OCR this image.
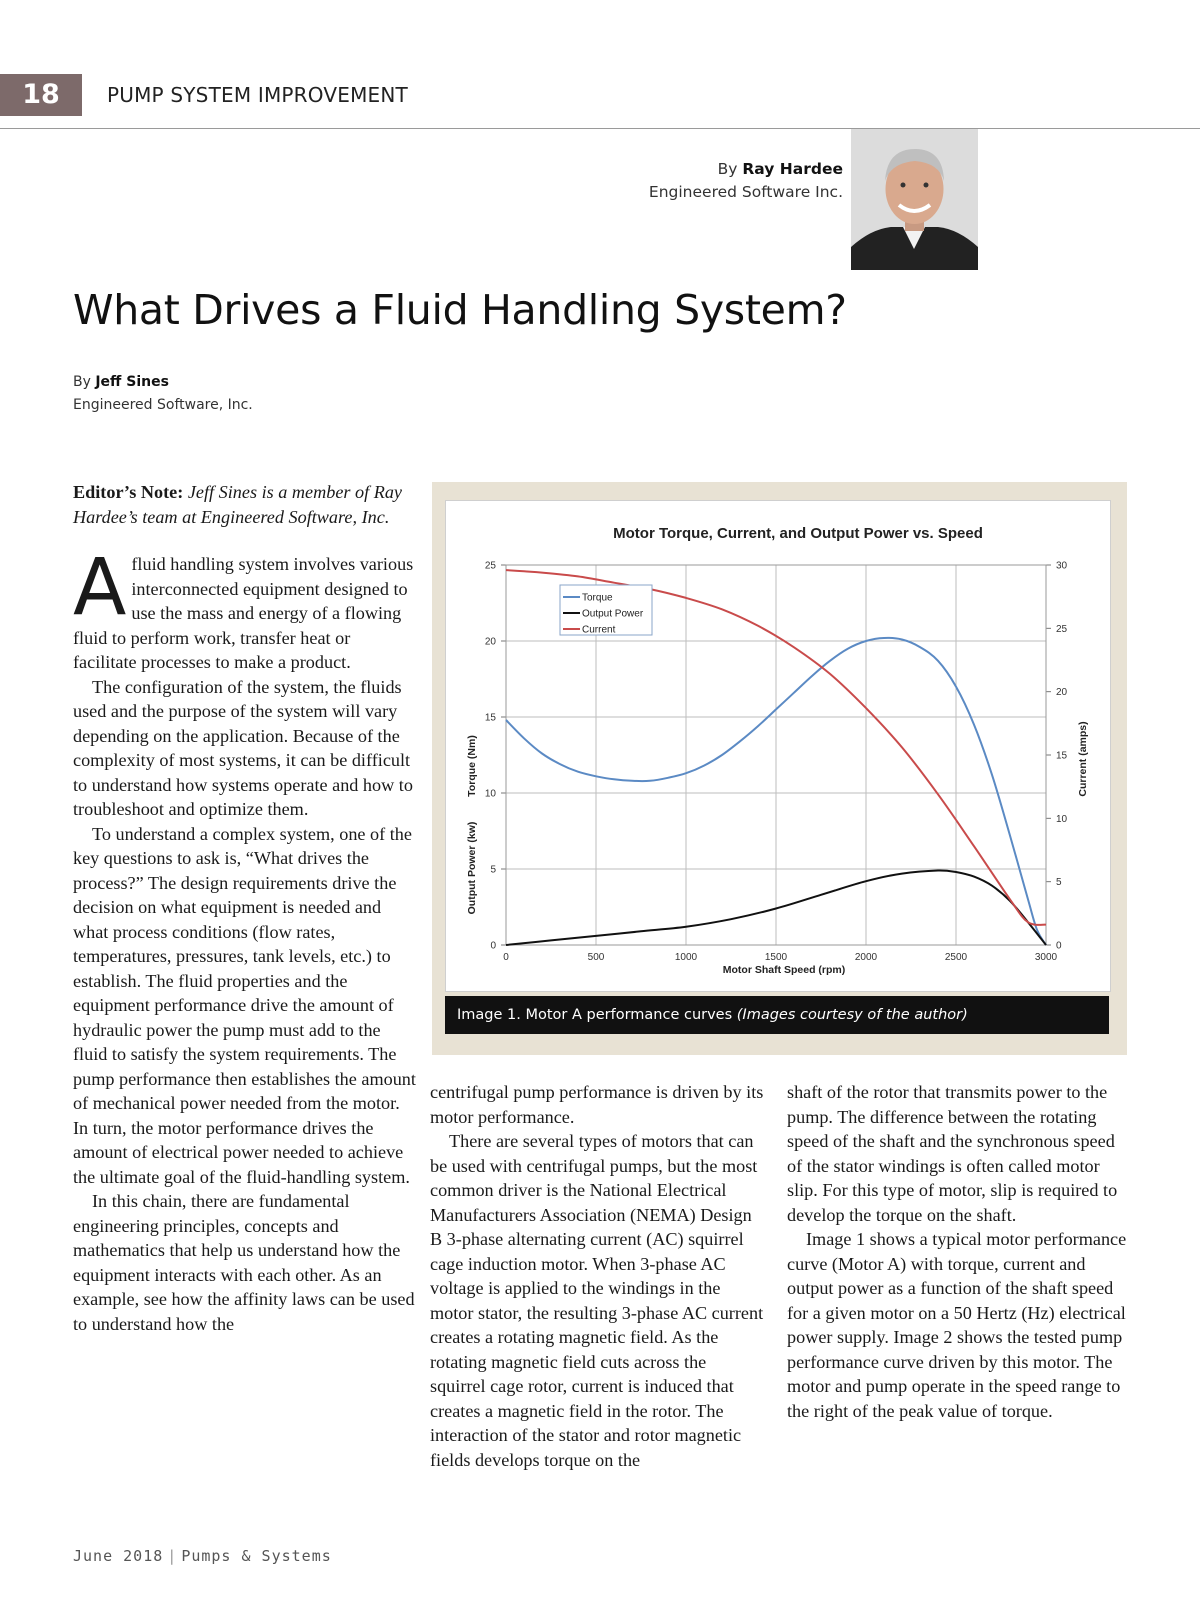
18	PUMP SYSTEM IMPROVEMENT
By Ray Hardee
Engineered Software Inc.
What Drives a Fluid Handling System?
By Jeff Sines
Engineered Software, Inc.

Editor’s Note: Jeff Sines is a member of Ray Hardee’s team at Engineered Software, Inc.

Afluid handling system involves various interconnected equipment designed to use the mass and energy of a flowing fluid to perform work, transfer heat or facilitate processes to make a product.

The configuration of the system, the fluids used and the purpose of the system will vary depending on the application. Because of the complexity of most systems, it can be difficult to understand how systems operate and how to troubleshoot and optimize them.

To understand a complex system, one of the key questions to ask is, “What drives the process?” The design requirements drive the decision on what equipment is needed and what process conditions (flow rates, temperatures, pressures, tank levels, etc.) to establish. The fluid properties and the equipment performance drive the amount of hydraulic power the pump must add to the fluid to satisfy the system requirements. The pump performance then establishes the amount of mechanical power needed from the motor. In turn, the motor performance drives the amount of electrical power needed to achieve the ultimate goal of the fluid-handling system.

In this chain, there are fundamental engineering principles, concepts and mathematics that help us understand how the equipment interacts with each other. As an example, see how the affinity laws can be used to understand how the

Motor Torque, Current, and Output Power vs. Speed
0	500	1000	1500	2000	2500	3000
0
5
10
15
20
25
0
5
10
15
20
25
30
Motor Shaft Speed (rpm)
Torque (Nm)
Output Power (kw)
Current (amps)
Torque
Output Power
Current
Image 1. Motor A performance curves (Images courtesy of the author)

centrifugal pump performance is driven by its motor performance.

There are several types of motors that can be used with centrifugal pumps, but the most common driver is the National Electrical Manufacturers Association (NEMA) Design B 3-phase alternating current (AC) squirrel cage induction motor. When 3-phase AC voltage is applied to the windings in the motor stator, the resulting 3-phase AC current creates a rotating magnetic field. As the rotating magnetic field cuts across the squirrel cage rotor, current is induced that creates a magnetic field in the rotor. The interaction of the stator and rotor magnetic fields develops torque on the

shaft of the rotor that transmits power to the pump. The difference between the rotating speed of the shaft and the synchronous speed of the stator windings is often called motor slip. For this type of motor, slip is required to develop the torque on the shaft.

Image 1 shows a typical motor performance curve (Motor A) with torque, current and output power as a function of the shaft speed for a given motor on a 50 Hertz (Hz) electrical power supply. Image 2 shows the tested pump performance curve driven by this motor. The motor and pump operate in the speed range to the right of the peak value of torque.

June 2018 | Pumps & Systems
